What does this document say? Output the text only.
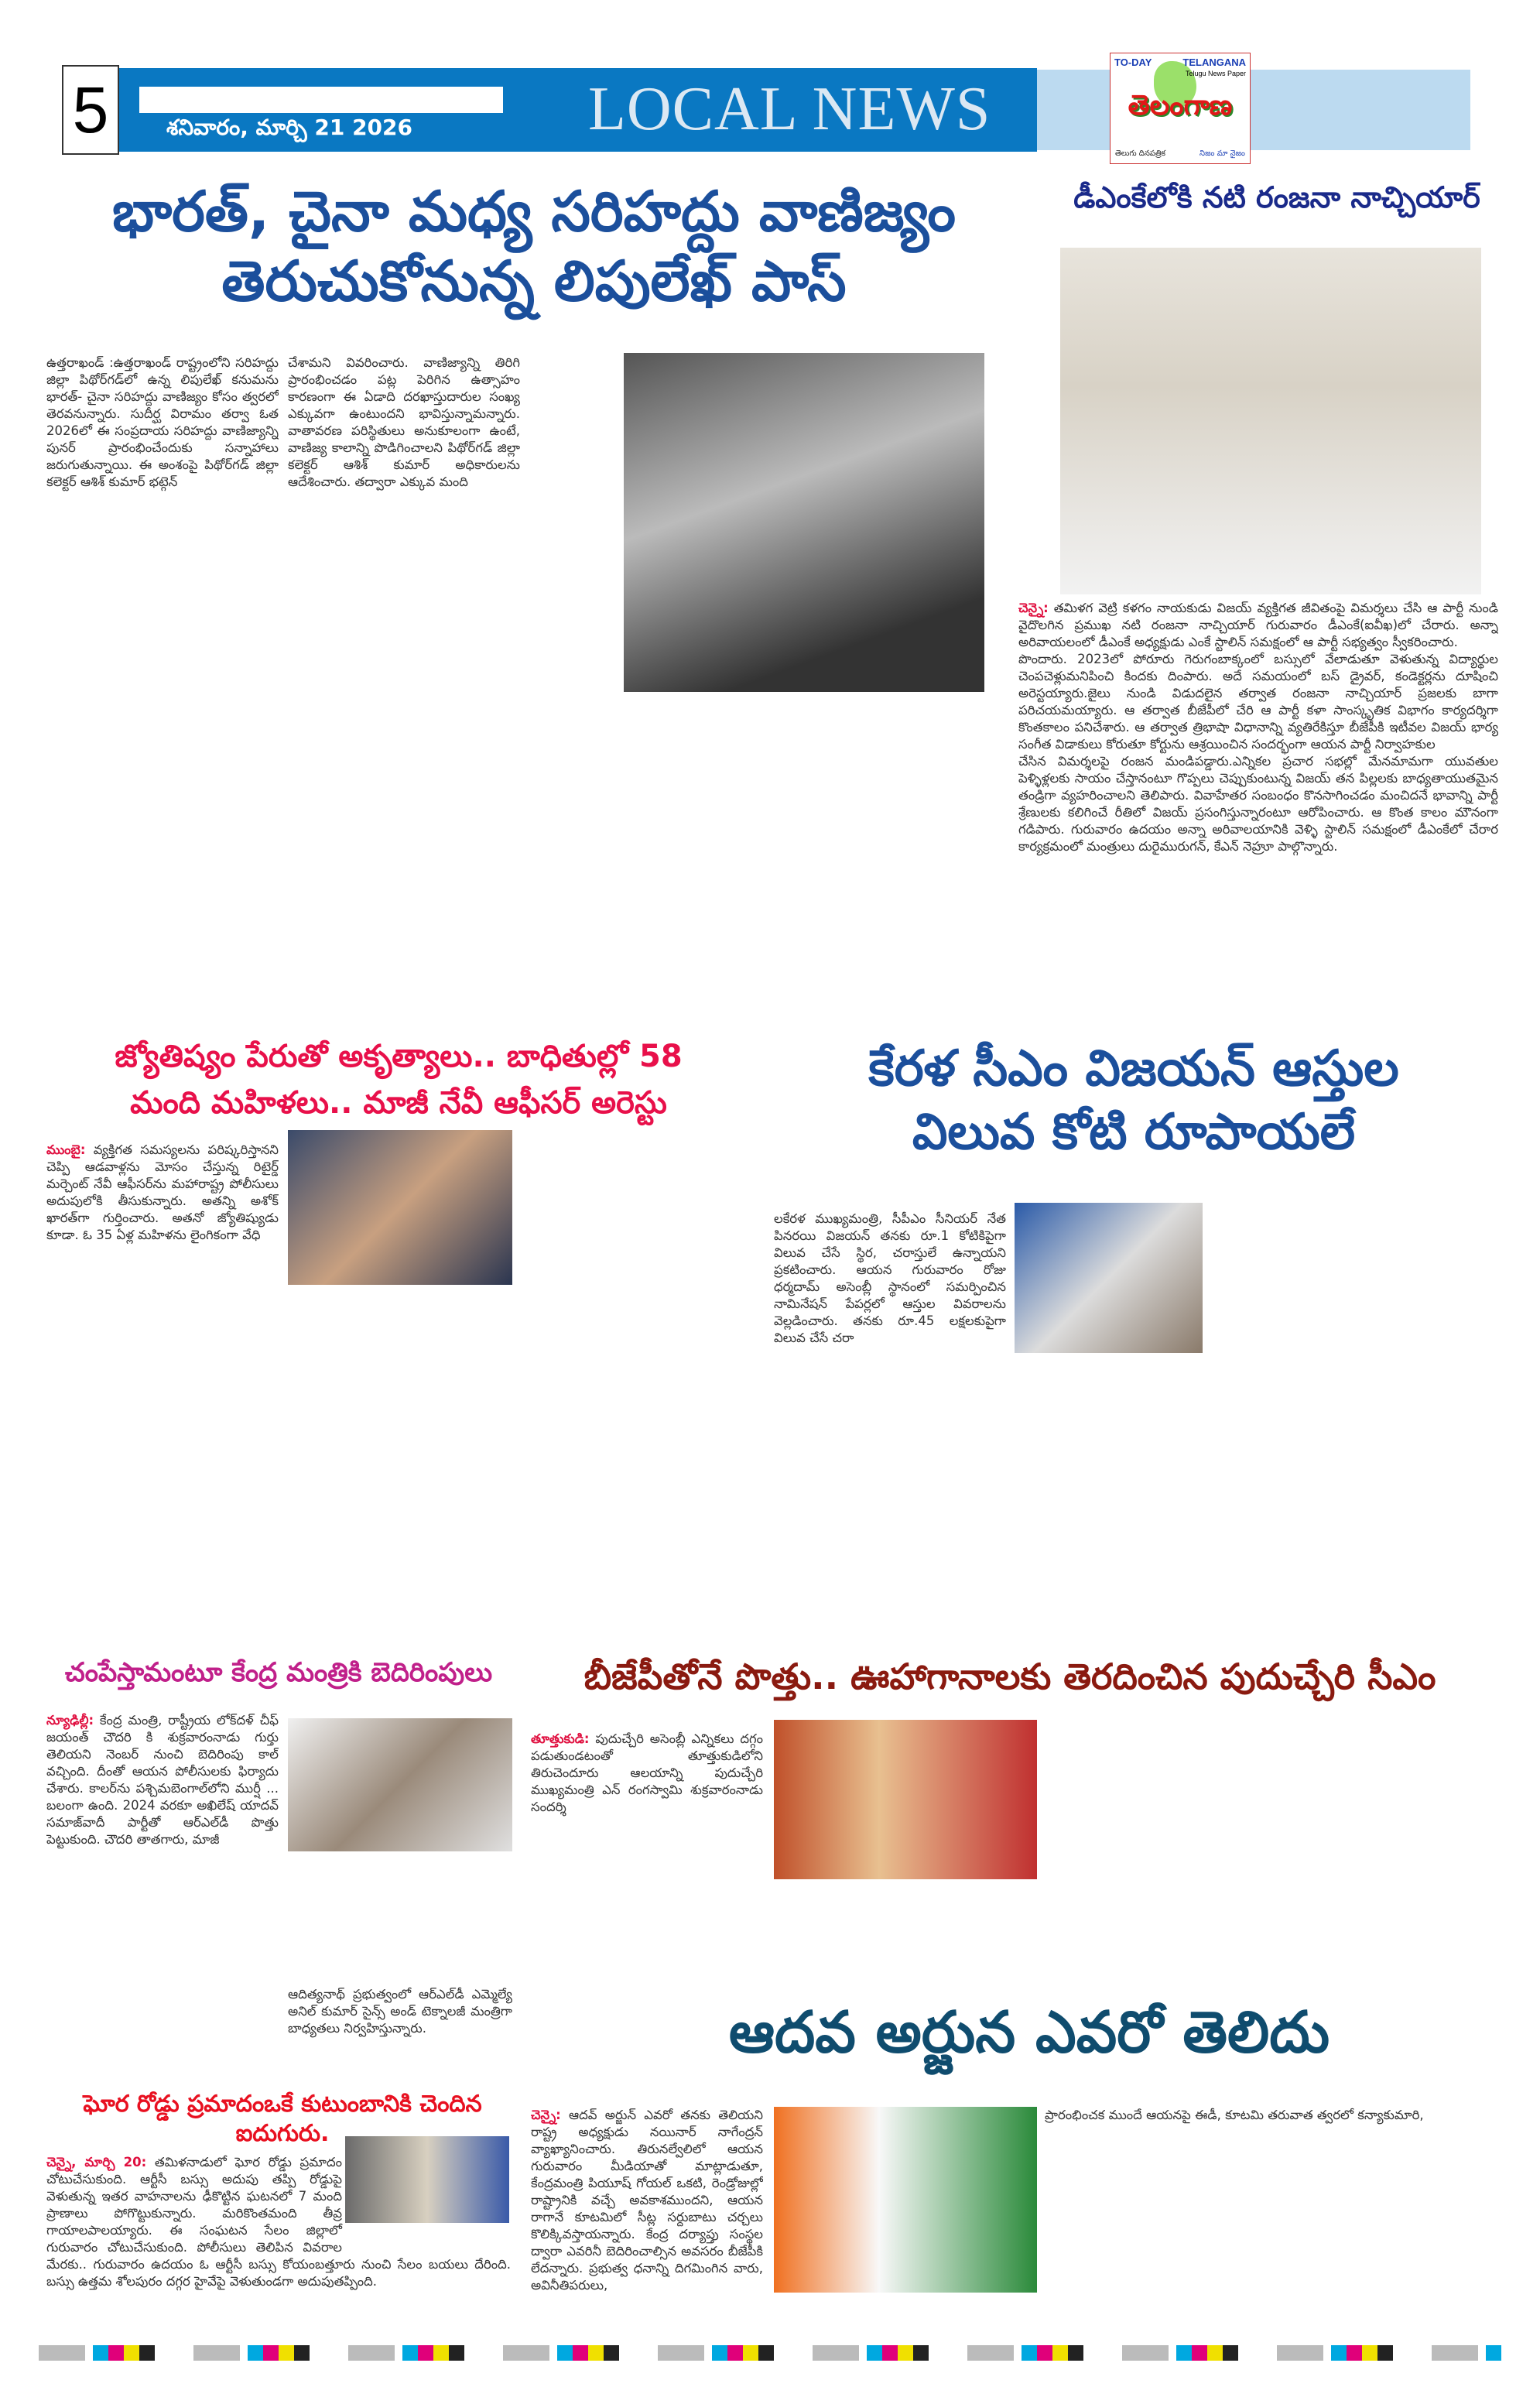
5	శనివారం, మార్చి 21 2026	LOCAL NEWS
TO-DAY	TELANGANA
Telugu News Paper
తెలంగాణ
తెలుగు దినపత్రిక	నిజం మా నైజం
భారత్, చైనా మధ్య సరిహద్దు వాణిజ్యం
తెరుచుకోనున్న లిపులేఖ్ పాస్
ఉత్తరాఖండ్ :ఉత్తరాఖండ్ రాష్ట్రంలోని సరిహద్దు జిల్లా పిథోర్‌గడ్‌లో ఉన్న లిపులేఖ్ కనుమను భారత్- చైనా సరిహద్దు వాణిజ్యం కోసం త్వరలో తెరవనున్నారు. సుదీర్ఘ విరామం తర్వా ఓత 2026లో ఈ సంప్రదాయ సరిహద్దు వాణిజ్యాన్ని పునర్ ప్రారంభించేందుకు సన్నాహాలు జరుగుతున్నాయి. ఈ అంశంపై పిథోర్‌గడ్ జిల్లా కలెక్టర్ ఆశిశ్ కుమార్ భట్గెన్
చేశామని వివరించారు. వాణిజ్యాన్ని తిరిగి ప్రారంభించడం పట్ల పెరిగిన ఉత్సాహం కారణంగా ఈ ఏడాది దరఖాస్తుదారుల సంఖ్య ఎక్కువగా ఉంటుందని భావిస్తున్నామన్నారు. వాతావరణ పరిస్థితులు అనుకూలంగా ఉంటే, వాణిజ్య కాలాన్ని పొడిగించాలని పిథోర్‌గడ్ జిల్లా కలెక్టర్ ఆశిశ్ కుమార్ అధికారులను ఆదేశించారు. తద్వారా ఎక్కువ మంది
డీఎంకేలోకి నటి రంజనా నాచ్చియార్

చెన్నై: తమిళగ వెట్రి కళగం నాయకుడు విజయ్ వ్యక్తిగత జీవితంపై విమర్శలు చేసి ఆ పార్టీ నుండి వైదొలగిన ప్రముఖ నటి రంజనా నాచ్చియార్ గురువారం డీఎంకే(ఐవీఖ)లో చేరారు. అన్నా అరివాయలంలో డీఎంకే అధ్యక్షుడు ఎంకే స్టాలిన్ సమక్షంలో ఆ పార్టీ సభ్యత్వం స్వీకరించారు.

పొందారు. 2023లో పోరూరు గెరుగంబాక్కంలో బస్సులో వేలాడుతూ వెళుతున్న విద్యార్థుల చెంపచెళ్లుమనిపించి కిందకు దింపారు. అదే సమయంలో బస్ డ్రైవర్, కండెక్టర్లను దూషించి అరెస్టయ్యారు.జైలు నుండి విడుదలైన తర్వాత రంజనా నాచ్చియార్ ప్రజలకు బాగా పరిచయమయ్యారు. ఆ తర్వాత బీజేపీలో చేరి ఆ పార్టీ కళా సాంస్కృతిక విభాగం కార్యదర్శిగా కొంతకాలం పనిచేశారు. ఆ తర్వాత త్రిభాషా విధానాన్ని వ్యతిరేకిస్తూ బీజేపీకి ఇటీవల విజయ్ భార్య సంగీత విడాకులు కోరుతూ కోర్టును ఆశ్రయించిన సందర్భంగా ఆయన పార్టీ నిర్వాహకుల

చేసిన విమర్శలపై రంజన మండిపడ్డారు.ఎన్నికల ప్రచార సభల్లో మేనమామగా యువతుల పెళ్ళిళ్లలకు సాయం చేస్తానంటూ గొప్పలు చెప్పుకుంటున్న విజయ్ తన పిల్లలకు బాధ్యతాయుతమైన తండ్రిగా వ్యహరించాలని తెలిపారు. వివాహేతర సంబంధం కొనసాగించడం మంచిదనే భావాన్ని పార్టీ శ్రేణులకు కలిగించే రీతిలో విజయ్ ప్రసంగిస్తున్నారంటూ ఆరోపించారు. ఆ కొంత కాలం మౌనంగా గడిపారు. గురువారం ఉదయం అన్నా అరివాలయానికి వెళ్ళి స్టాలిన్ సమక్షంలో డీఎంకేలో చేరార కార్యక్రమంలో మంత్రులు దురైమురుగన్, కేఎన్ నెహ్రూ పాల్గొన్నారు.

జ్యోతిష్యం పేరుతో అకృత్యాలు.. బాధితుల్లో 58
మంది మహిళలు.. మాజీ నేవీ ఆఫీసర్ అరెస్టు
ముంబై: వ్యక్తిగత సమస్యలను పరిష్కరిస్తానని చెప్పి ఆడవాళ్లను మోసం చేస్తున్న రిటైర్డ్ మర్చెంట్ నేవీ ఆఫీసర్‌ను మహారాష్ట్ర పోలీసులు అదుపులోకి తీసుకున్నారు. అతన్ని అశోక్ ఖారత్‌గా గుర్తించారు. అతనో జ్యోతిష్యుడు కూడా. ఓ 35 ఏళ్ల మహిళను లైంగికంగా వేధి
కేరళ సీఎం విజయన్ ఆస్తుల
విలువ కోటి రూపాయలే
లకేరళ ముఖ్యమంత్రి, సీపీఎం సీనియర్ నేత పినరయి విజయన్ తనకు రూ.1 కోటికిపైగా విలువ చేసే స్థిర, చరాస్తులే ఉన్నాయని ప్రకటించారు. ఆయన గురువారం రోజు ధర్మదామ్ అసెంబ్లీ స్థానంలో సమర్పించిన నామినేషన్ పేపర్లలో ఆస్తుల వివరాలను వెల్లడించారు. తనకు రూ.45 లక్షలకుపైగా విలువ చేసే చరా
చంపేస్తామంటూ కేంద్ర మంత్రికి బెదిరింపులు
న్యూఢిల్లీ: కేంద్ర మంత్రి, రాష్ట్రీయ లోక్‌దళ్ చీఫ్ జయంత్ చౌదరి కి శుక్రవారంనాడు గుర్తు తెలియని నెంబర్ నుంచి బెదిరింపు కాల్ వచ్చింది. దీంతో ఆయన పోలీసులకు ఫిర్యాదు చేశారు. కాలర్‌ను పశ్చిమబెంగాల్‌లోని ముర్షీ ... బలంగా ఉంది. 2024 వరకూ అఖిలేష్ యాదవ్ సమాజ్‌వాదీ పార్టీతో ఆర్ఎల్‌డీ పొత్తు పెట్టుకుంది. చౌదరి తాతగారు, మాజీ
ఆదిత్యనాథ్ ప్రభుత్వంలో ఆర్ఎల్‌డీ ఎమ్మెల్యే అనిల్ కుమార్ సైన్స్ అండ్ టెక్నాలజీ మంత్రిగా బాధ్యతలు నిర్వహిస్తున్నారు.
బీజేపీతోనే పొత్తు.. ఊహాగానాలకు తెరదించిన పుదుచ్చేరి సీఎం
తూత్తుకుడి: పుదుచ్చేరి అసెంబ్లీ ఎన్నికలు దగ్గం పడుతుండటంతో తూత్తుకుడిలోని తిరుచెందూరు ఆలయాన్ని పుదుచ్చేరి ముఖ్యమంత్రి ఎన్ రంగస్వామి శుక్రవారంనాడు సందర్శి
ఆదవ అర్జున ఎవరో తెలిదు
చెన్నై: ఆదవ్ అర్జున్ ఎవరో తనకు తెలియని రాష్ట్ర అధ్యక్షుడు నయినార్ నాగేంద్రన్ వ్యాఖ్యానించారు. తిరునల్వేలిలో ఆయన గురువారం మీడియాతో మాట్లాడుతూ, కేంద్రమంత్రి పియూష్ గోయల్ ఒకటి, రెండ్రోజుల్లో రాష్ట్రానికి వచ్చే అవకాశముందని, ఆయన రాగానే కూటమిలో సీట్ల సర్దుబాటు చర్చలు కొలిక్కివస్తాయన్నారు. కేంద్ర దర్యాప్తు సంస్థల ద్వారా ఎవరినీ బెదిరించాల్సిన అవసరం బీజేపీకి లేదన్నారు. ప్రభుత్వ ధనాన్ని దిగమింగిన వారు, అవినీతిపరులు,
ప్రారంభించక ముందే ఆయనపై ఈడీ, కూటమి తరువాత త్వరలో కన్యాకుమారి,
ఘోర రోడ్డు ప్రమాదంఒకే కుటుంబానికి చెందిన ఐదుగురు.
చెన్నై, మార్చి 20: తమిళనాడులో ఘోర రోడ్డు ప్రమాదం చోటుచేసుకుంది. ఆర్టీసీ బస్సు అదుపు తప్పి రోడ్డుపై వెళుతున్న ఇతర వాహనాలను ఢీకొట్టిన ఘటనలో 7 మంది ప్రాణాలు పోగొట్టుకున్నారు. మరికొంతమంది తీవ్ర గాయాలపాలయ్యారు. ఈ సంఘటన సేలం జిల్లాలో గురువారం చోటుచేసుకుంది. పోలీసులు తెలిపిన వివరాల మేరకు.. గురువారం ఉదయం ఓ ఆర్టీసీ బస్సు కోయంబత్తూరు నుంచి సేలం బయలు దేరింది. బస్సు ఉత్తమ శోలపురం దగ్గర హైవేపై వెళుతుండగా అదుపుతప్పింది.
